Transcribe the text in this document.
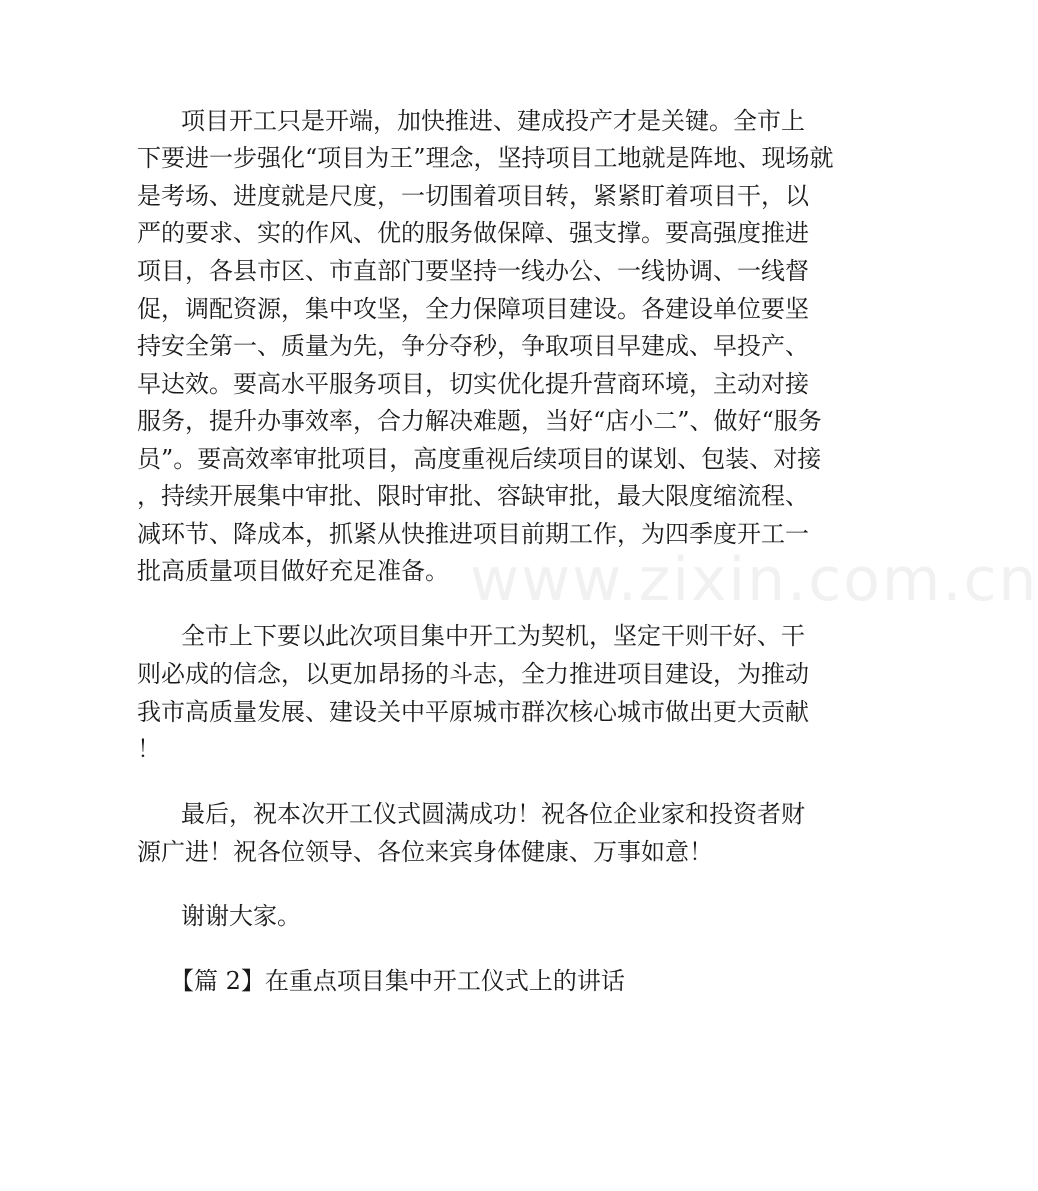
项目开工只是开端，加快推进、建成投产才是关键。全市上
下要进一步强化“项目为王”理念，坚持项目工地就是阵地、现场就
是考场、进度就是尺度，一切围着项目转，紧紧盯着项目干，以
严的要求、实的作风、优的服务做保障、强支撑。要高强度推进
项目，各县市区、市直部门要坚持一线办公、一线协调、一线督
促，调配资源，集中攻坚，全力保障项目建设。各建设单位要坚
持安全第一、质量为先，争分夺秒，争取项目早建成、早投产、
早达效。要高水平服务项目，切实优化提升营商环境，主动对接
服务，提升办事效率，合力解决难题，当好“店小二”、做好“服务
员”。要高效率审批项目，高度重视后续项目的谋划、包装、对接
，持续开展集中审批、限时审批、容缺审批，最大限度缩流程、
减环节、降成本，抓紧从快推进项目前期工作，为四季度开工一
批高质量项目做好充足准备。
全市上下要以此次项目集中开工为契机，坚定干则干好、干
则必成的信念，以更加昂扬的斗志，全力推进项目建设，为推动
我市高质量发展、建设关中平原城市群次核心城市做出更大贡献
！
最后，祝本次开工仪式圆满成功！祝各位企业家和投资者财
源广进！祝各位领导、各位来宾身体健康、万事如意！
谢谢大家。
【篇 2】在重点项目集中开工仪式上的讲话
www.zixin.com.cn
